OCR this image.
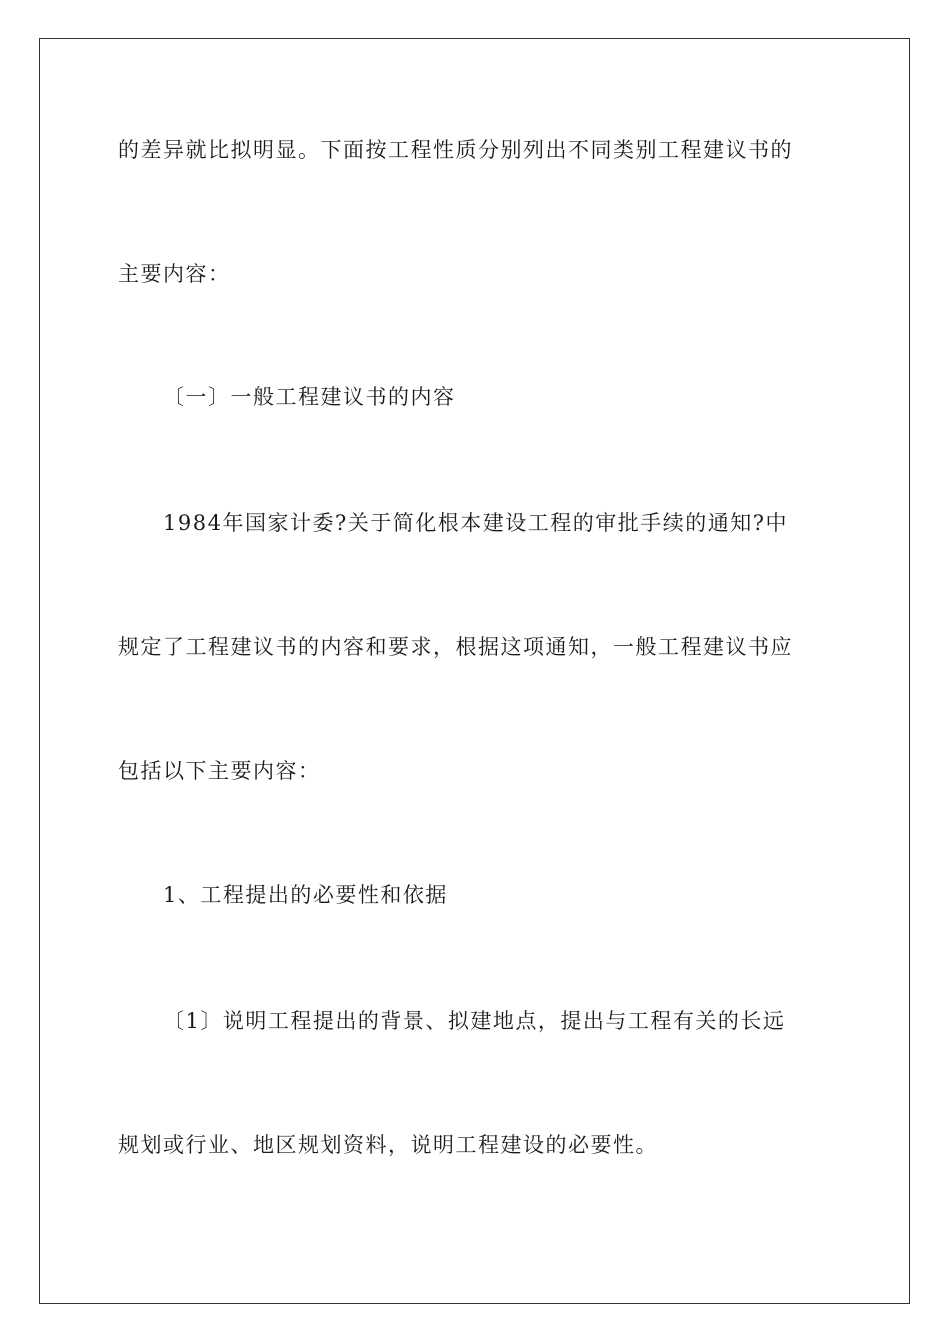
的差异就比拟明显。下面按工程性质分别列出不同类别工程建议书的
主要内容：
〔一〕一般工程建议书的内容
1984年国家计委?关于简化根本建设工程的审批手续的通知?中
规定了工程建议书的内容和要求，根据这项通知，一般工程建议书应
包括以下主要内容：
1、工程提出的必要性和依据
〔1〕说明工程提出的背景、拟建地点，提出与工程有关的长远
规划或行业、地区规划资料，说明工程建设的必要性。
